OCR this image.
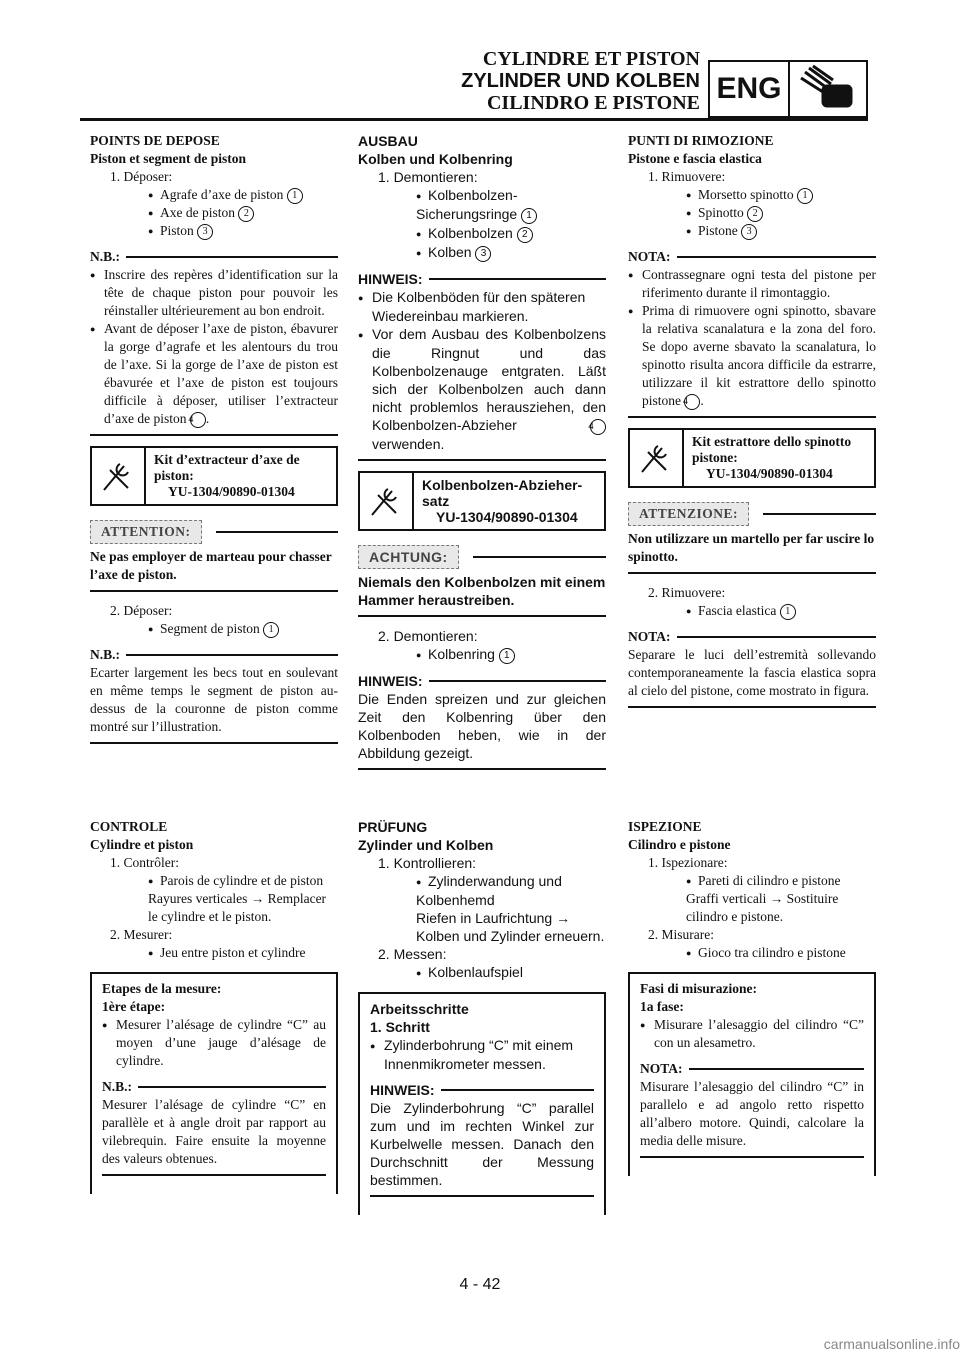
CYLINDRE ET PISTON
ZYLINDER UND KOLBEN
CILINDRO E PISTONE ENG
POINTS DE DEPOSE
Piston et segment de piston
1. Déposer:
● Agrafe d’axe de piston 1
● Axe de piston 2
● Piston 3
N.B.:
● Inscrire des repères d’identification sur la tête de chaque piston pour pouvoir les réinstaller ultérieurement au bon endroit.
● Avant de déposer l’axe de piston, ébavurer la gorge d’agrafe et les alentours du trou de l’axe. Si la gorge de l’axe de piston est ébavurée et l’axe de piston est toujours difficile à déposer, utiliser l’extracteur d’axe de piston 4 .
Kit d’extracteur d’axe de piston:
YU-1304/90890-01304
ATTENTION:
Ne pas employer de marteau pour chasser l’axe de piston.
2. Déposer:
● Segment de piston 1
N.B.:
Ecarter largement les becs tout en soulevant en même temps le segment de piston au-dessus de la couronne de piston comme montré sur l’illustration.
AUSBAU
Kolben und Kolbenring
1. Demontieren:
● Kolbenbolzen-Sicherungsringe 1
● Kolbenbolzen 2
● Kolben 3
HINWEIS:
● Die Kolbenböden für den späteren Wiedereinbau markieren.
● Vor dem Ausbau des Kolbenbolzens die Ringnut und das Kolbenbolzenauge entgraten. Läßt sich der Kolbenbolzen auch dann nicht problemlos herausziehen, den Kolbenbolzen-Abzieher	4 verwenden.
Kolbenbolzen-Abzieher-satz
YU-1304/90890-01304
ACHTUNG:
Niemals den Kolbenbolzen mit einem Hammer heraustreiben.
2. Demontieren:
● Kolbenring 1
HINWEIS:
Die Enden spreizen und zur gleichen Zeit den Kolbenring über den Kolbenboden heben, wie in der Abbildung gezeigt.
PUNTI DI RIMOZIONE
Pistone e fascia elastica
1. Rimuovere:
● Morsetto spinotto 1
● Spinotto 2
● Pistone 3
NOTA:
● Contrassegnare ogni testa del pistone per riferimento durante il rimontaggio.
● Prima di rimuovere ogni spinotto, sbavare la relativa scanalatura e la zona del foro. Se dopo averne sbavato la scanalatura, lo spinotto risulta ancora difficile da estrarre, utilizzare il kit estrattore dello spinotto pistone 4 .
Kit estrattore dello spinotto pistone:
YU-1304/90890-01304
ATTENZIONE:
Non utilizzare un martello per far uscire lo spinotto.
2. Rimuovere:
● Fascia elastica 1
NOTA:
Separare le luci dell’estremità sollevando contemporaneamente la fascia elastica sopra al cielo del pistone, come mostrato in figura.
CONTROLE
Cylindre et piston
1. Contrôler:
● Parois de cylindre et de piston
Rayures verticales → Remplacer le cylindre et le piston.
2. Mesurer:
● Jeu entre piston et cylindre
Etapes de la mesure:
1ère étape:
● Mesurer l’alésage de cylindre “C” au moyen d’une jauge d’alésage de cylindre.
N.B.:
Mesurer l’alésage de cylindre “C” en parallèle et à angle droit par rapport au vilebrequin. Faire ensuite la moyenne des valeurs obtenues.
PRÜFUNG
Zylinder und Kolben
1. Kontrollieren:
● Zylinderwandung und Kolbenhemd
Riefen in Laufrichtung → Kolben und Zylinder erneuern.
2. Messen:
● Kolbenlaufspiel
Arbeitsschritte
1. Schritt
● Zylinderbohrung “C” mit einem Innenmikrometer messen.
HINWEIS:
Die Zylinderbohrung “C” parallel zum und im rechten Winkel zur Kurbelwelle messen. Danach den Durchschnitt der Messung bestimmen.
ISPEZIONE
Cilindro e pistone
1. Ispezionare:
● Pareti di cilindro e pistone
Graffi verticali → Sostituire cilindro e pistone.
2. Misurare:
● Gioco tra cilindro e pistone
Fasi di misurazione:
1a fase:
● Misurare l’alesaggio del cilindro “C” con un alesametro.
NOTA:
Misurare l’alesaggio del cilindro “C” in parallelo e ad angolo retto rispetto all’albero motore. Quindi, calcolare la media delle misure.
4 - 42
carmanualsonline.info
